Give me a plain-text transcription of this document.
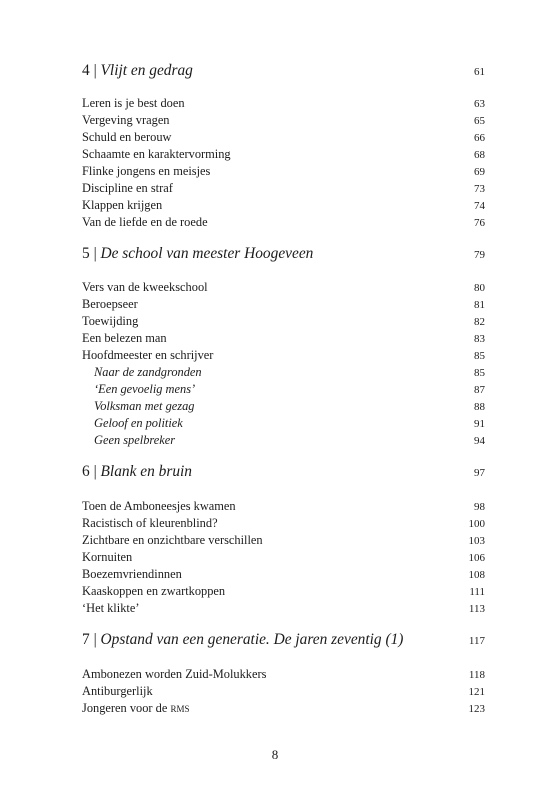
4 | Vlijt en gedrag	61
Leren is je best doen	63
Vergeving vragen	65
Schuld en berouw	66
Schaamte en karaktervorming	68
Flinke jongens en meisjes	69
Discipline en straf	73
Klappen krijgen	74
Van de liefde en de roede	76
5 | De school van meester Hoogeveen	79
Vers van de kweekschool	80
Beroepseer	81
Toewijding	82
Een belezen man	83
Hoofdmeester en schrijver	85
Naar de zandgronden	85
‘Een gevoelig mens’	87
Volksman met gezag	88
Geloof en politiek	91
Geen spelbreker	94
6 | Blank en bruin	97
Toen de Amboneesjes kwamen	98
Racistisch of kleurenblind?	100
Zichtbare en onzichtbare verschillen	103
Kornuiten	106
Boezemvriendinnen	108
Kaaskoppen en zwartkoppen	111
‘Het klikte’	113
7 | Opstand van een generatie. De jaren zeventig (1)	117
Ambonezen worden Zuid-Molukkers	118
Antiburgerlijk	121
Jongeren voor de rms	123
8
